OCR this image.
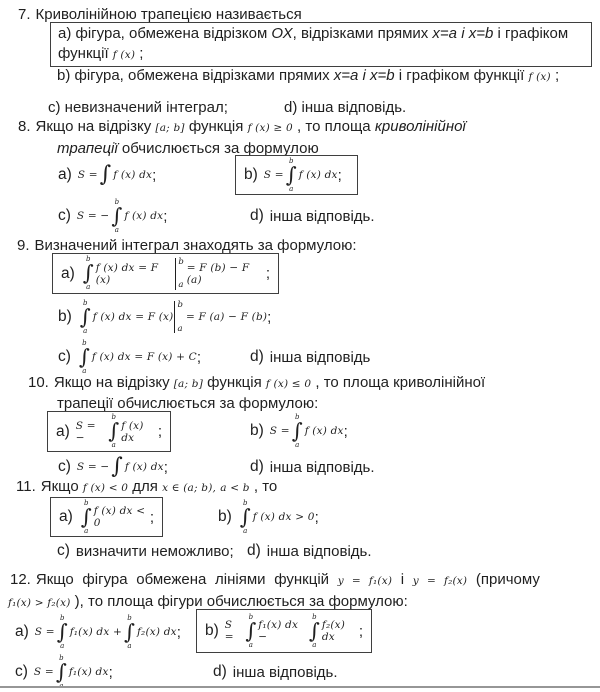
7. Криволінійною трапецією називається
а) фігура, обмежена відрізком ОХ, відрізками прямих x=a і x=b і графіком
функції f (x) ;
b) фігура, обмежена відрізками прямих x=a і x=b і графіком функції f (x) ;
c) невизначений інтеграл;	d) інша відповідь.
8. Якщо на відрізку [a; b] функція f (x) ≥ 0 , то площа криволінійної
трапеції обчислюється за формулою
a) S = ∫ f (x) dx ;	b) S =
b
∫
a
f (x) dx ;
c) S = −
b
∫
a
f (x) dx ;	d) інша відповідь.
9. Визначений інтеграл знаходять за формулою:
a)
b
∫
a
f (x) dx = F (x)
b
a
= F (b) − F (a)	;
b)
b
∫
a
f (x) dx = F (x)
b
a
= F (a) − F (b) ;
c)
b
∫
a
f (x) dx = F (x) + C ;	d) інша відповідь
10. Якщо на відрізку [a; b] функція f (x) ≤ 0 , то площа криволінійної
трапеції обчислюється за формулою:
a) S = −
b
∫
a
f (x) dx	;	b) S =
b
∫
a
f (x) dx ;
c) S = − ∫ f (x) dx ;	d) інша відповідь.
11. Якщо f (x) < 0 для x ∈ (a; b), a < b , то
a)
b
∫
a
f (x) dx < 0	;	b)
b
∫
a
f (x) dx > 0 ;
c) визначити неможливо; d) інша відповідь.
12. Якщо фігура обмежена лініями функцій y = f₁(x) і y = f₂(x) (причому
f₁(x) > f₂(x) ), то площа фігури обчислюється за формулою:
a) S =
b
∫
a
f₁(x) dx +
b
∫
a
f₂(x) dx ; b) S =
b
∫
a
f₁(x) dx −
b
∫
a
f₂(x) dx	;
c) S =
b
∫ f₁(x) dx ;	d) інша відповідь.
